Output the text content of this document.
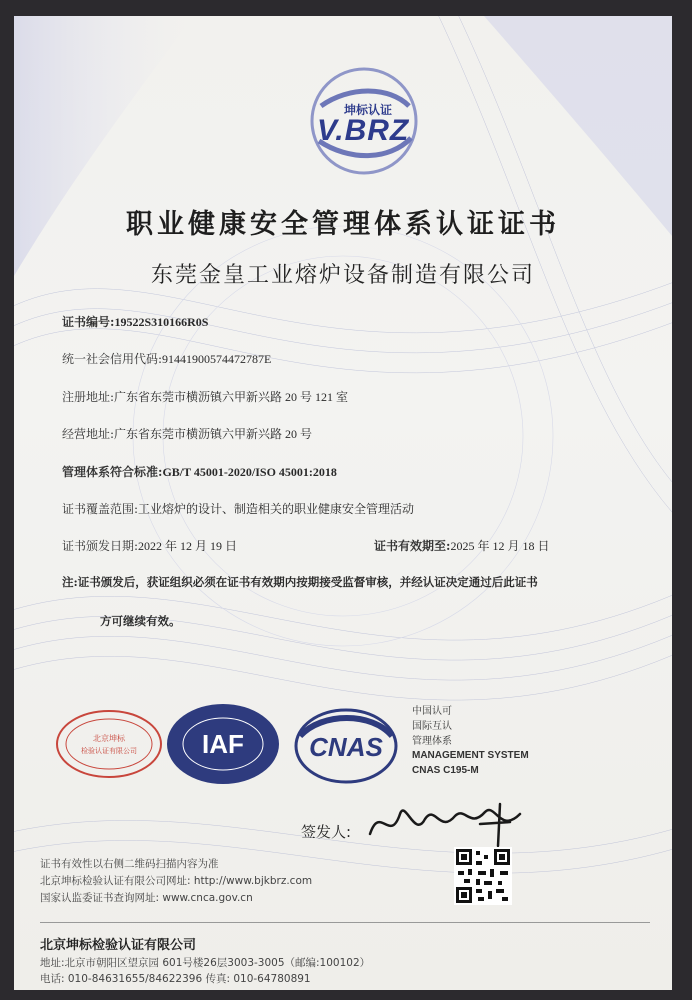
坤标认证
V.BRZ
职业健康安全管理体系认证证书
东莞金皇工业熔炉设备制造有限公司
证书编号:19522S310166R0S
统一社会信用代码:91441900574472787E
注册地址:广东省东莞市横沥镇六甲新兴路 20 号 121 室
经营地址:广东省东莞市横沥镇六甲新兴路 20 号
管理体系符合标准:GB/T 45001-2020/ISO 45001:2018
证书覆盖范围:工业熔炉的设计、制造相关的职业健康安全管理活动
证书颁发日期:2022 年 12 月 19 日	证书有效期至:2025 年 12 月 18 日
注:证书颁发后，获证组织必须在证书有效期内按期接受监督审核，并经认证决定通过后此证书
方可继续有效。
北京坤标
检验认证有限公司	IAF	CNAS
中国认可
国际互认
管理体系
MANAGEMENT SYSTEM
CNAS C195-M
签发人:
证书有效性以右侧二维码扫描内容为准
北京坤标检验认证有限公司网址: http://www.bjkbrz.com
国家认监委证书查询网址: www.cnca.gov.cn
北京坤标检验认证有限公司
地址:北京市朝阳区望京园 601号楼26层3003-3005（邮编:100102）
电话: 010-84631655/84622396 传真: 010-64780891
